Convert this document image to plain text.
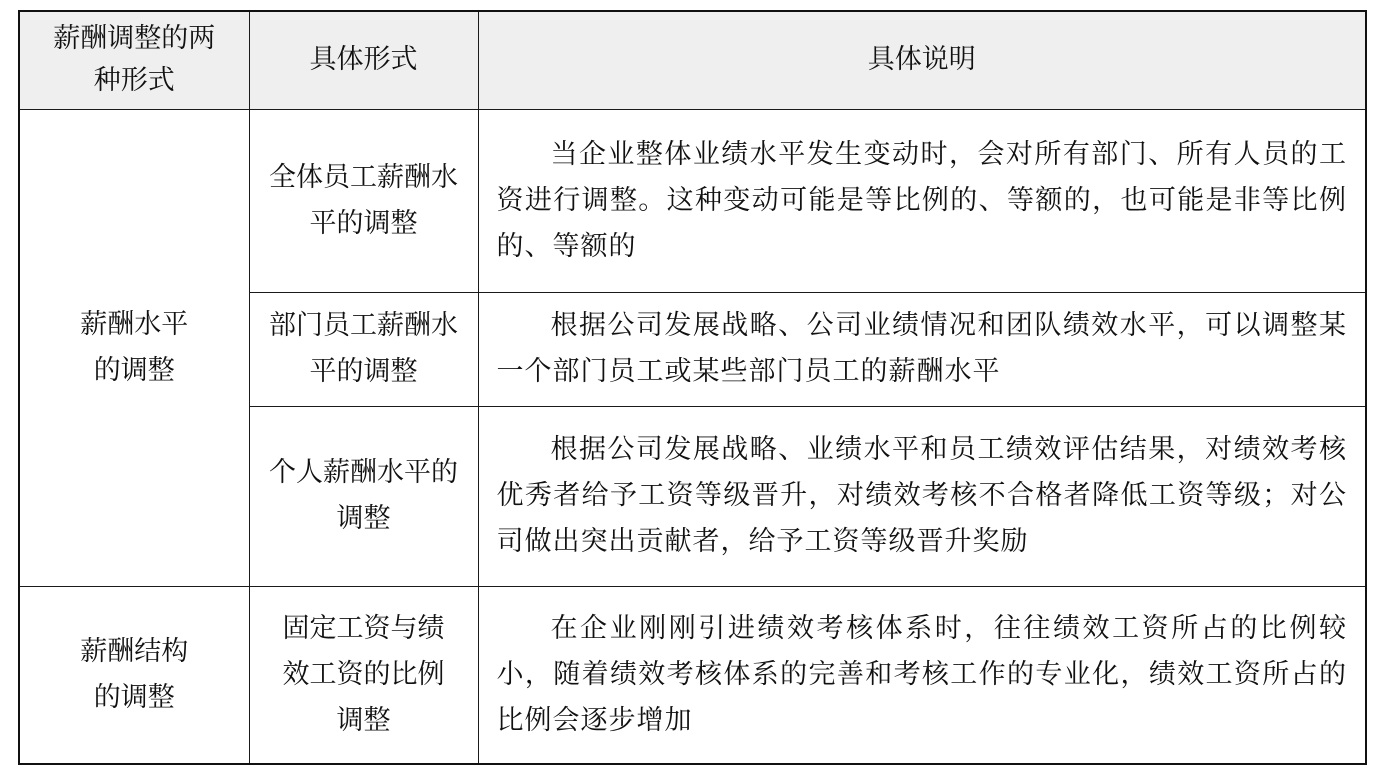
薪酬调整的两种形式	具体形式	具体说明

薪酬水平的调整	全体员工薪酬水平的调整	当企业整体业绩水平发生变动时，会对所有部门、所有人员的工资进行调整。这种变动可能是等比例的、等额的，也可能是非等比例的、等额的

	部门员工薪酬水平的调整	根据公司发展战略、公司业绩情况和团队绩效水平，可以调整某一个部门员工或某些部门员工的薪酬水平

	个人薪酬水平的调整	根据公司发展战略、业绩水平和员工绩效评估结果，对绩效考核优秀者给予工资等级晋升，对绩效考核不合格者降低工资等级；对公司做出突出贡献者，给予工资等级晋升奖励

薪酬结构的调整	固定工资与绩效工资的比例调整	在企业刚刚引进绩效考核体系时，往往绩效工资所占的比例较小，随着绩效考核体系的完善和考核工作的专业化，绩效工资所占的比例会逐步增加
